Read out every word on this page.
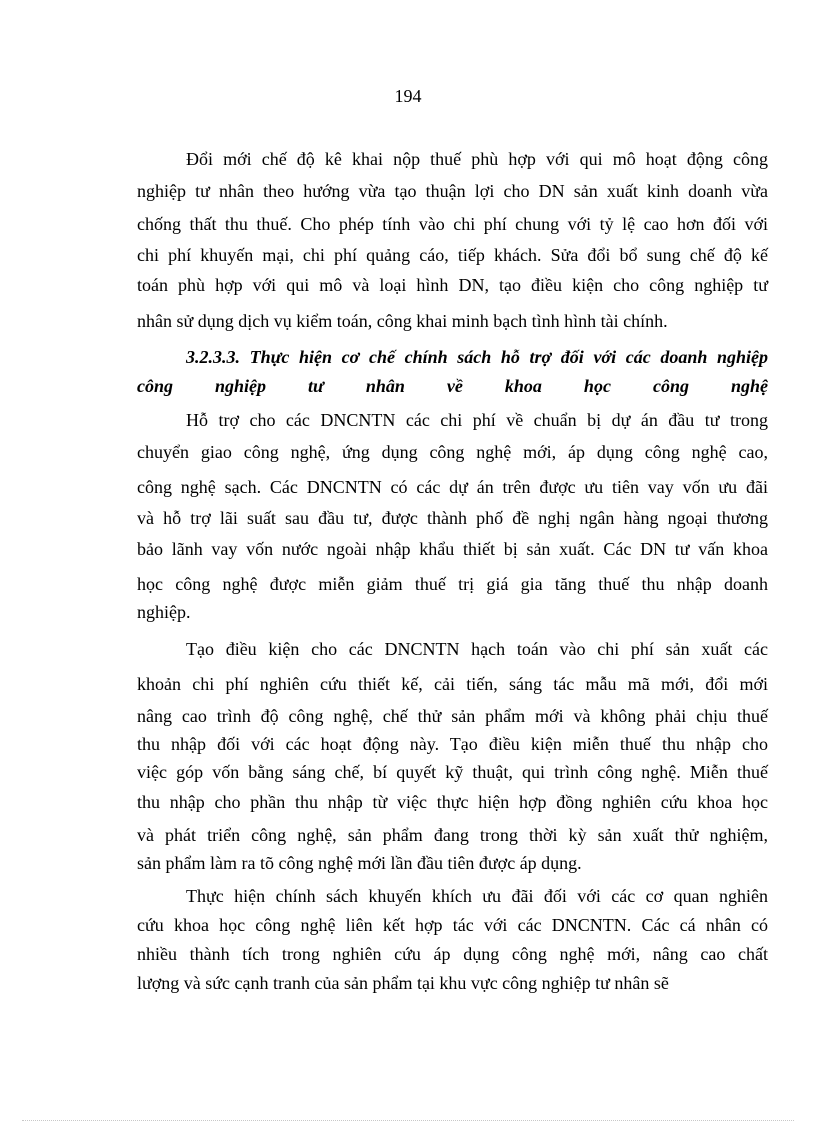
194
Đổi mới chế độ kê khai nộp thuế phù hợp với qui mô hoạt động công
nghiệp tư nhân theo hướng vừa tạo thuận lợi cho DN sản xuất kinh doanh vừa
chống thất thu thuế. Cho phép tính vào chi phí chung với tỷ lệ cao hơn đối với
chi phí khuyến mại, chi phí quảng cáo, tiếp khách. Sửa đổi bổ sung chế độ kế
toán phù hợp với qui mô và loại hình DN, tạo điều kiện cho công nghiệp tư
nhân sử dụng dịch vụ kiểm toán, công khai minh bạch tình hình tài chính.
3.2.3.3. Thực hiện cơ chế chính sách hỗ trợ đối với các doanh nghiệp
công nghiệp tư nhân về khoa học công nghệ
Hỗ trợ cho các DNCNTN các chi phí về chuẩn bị dự án đầu tư trong
chuyển giao công nghệ, ứng dụng công nghệ mới, áp dụng công nghệ cao,
công nghệ sạch. Các DNCNTN có các dự án trên được ưu tiên vay vốn ưu đãi
và hỗ trợ lãi suất sau đầu tư, được thành phố đề nghị ngân hàng ngoại thương
bảo lãnh vay vốn nước ngoài nhập khẩu thiết bị sản xuất. Các DN tư vấn khoa
học công nghệ được miễn giảm thuế trị giá gia tăng thuế thu nhập doanh
nghiệp.
Tạo điều kiện cho các DNCNTN hạch toán vào chi phí sản xuất các
khoản chi phí nghiên cứu thiết kế, cải tiến, sáng tác mẫu mã mới, đổi mới
nâng cao trình độ công nghệ, chế thử sản phẩm mới và không phải chịu thuế
thu nhập đối với các hoạt động này. Tạo điều kiện miễn thuế thu nhập cho
việc góp vốn bằng sáng chế, bí quyết kỹ thuật, qui trình công nghệ. Miễn thuế
thu nhập cho phần thu nhập từ việc thực hiện hợp đồng nghiên cứu khoa học
và phát triển công nghệ, sản phẩm đang trong thời kỳ sản xuất thử nghiệm,
sản phẩm làm ra tõ công nghệ mới lần đầu tiên được áp dụng.
Thực hiện chính sách khuyến khích ưu đãi đối với các cơ quan nghiên
cứu khoa học công nghệ liên kết hợp tác với các DNCNTN. Các cá nhân có
nhiều thành tích trong nghiên cứu áp dụng công nghệ mới, nâng cao chất
lượng và sức cạnh tranh của sản phẩm tại khu vực công nghiệp tư nhân sẽ
